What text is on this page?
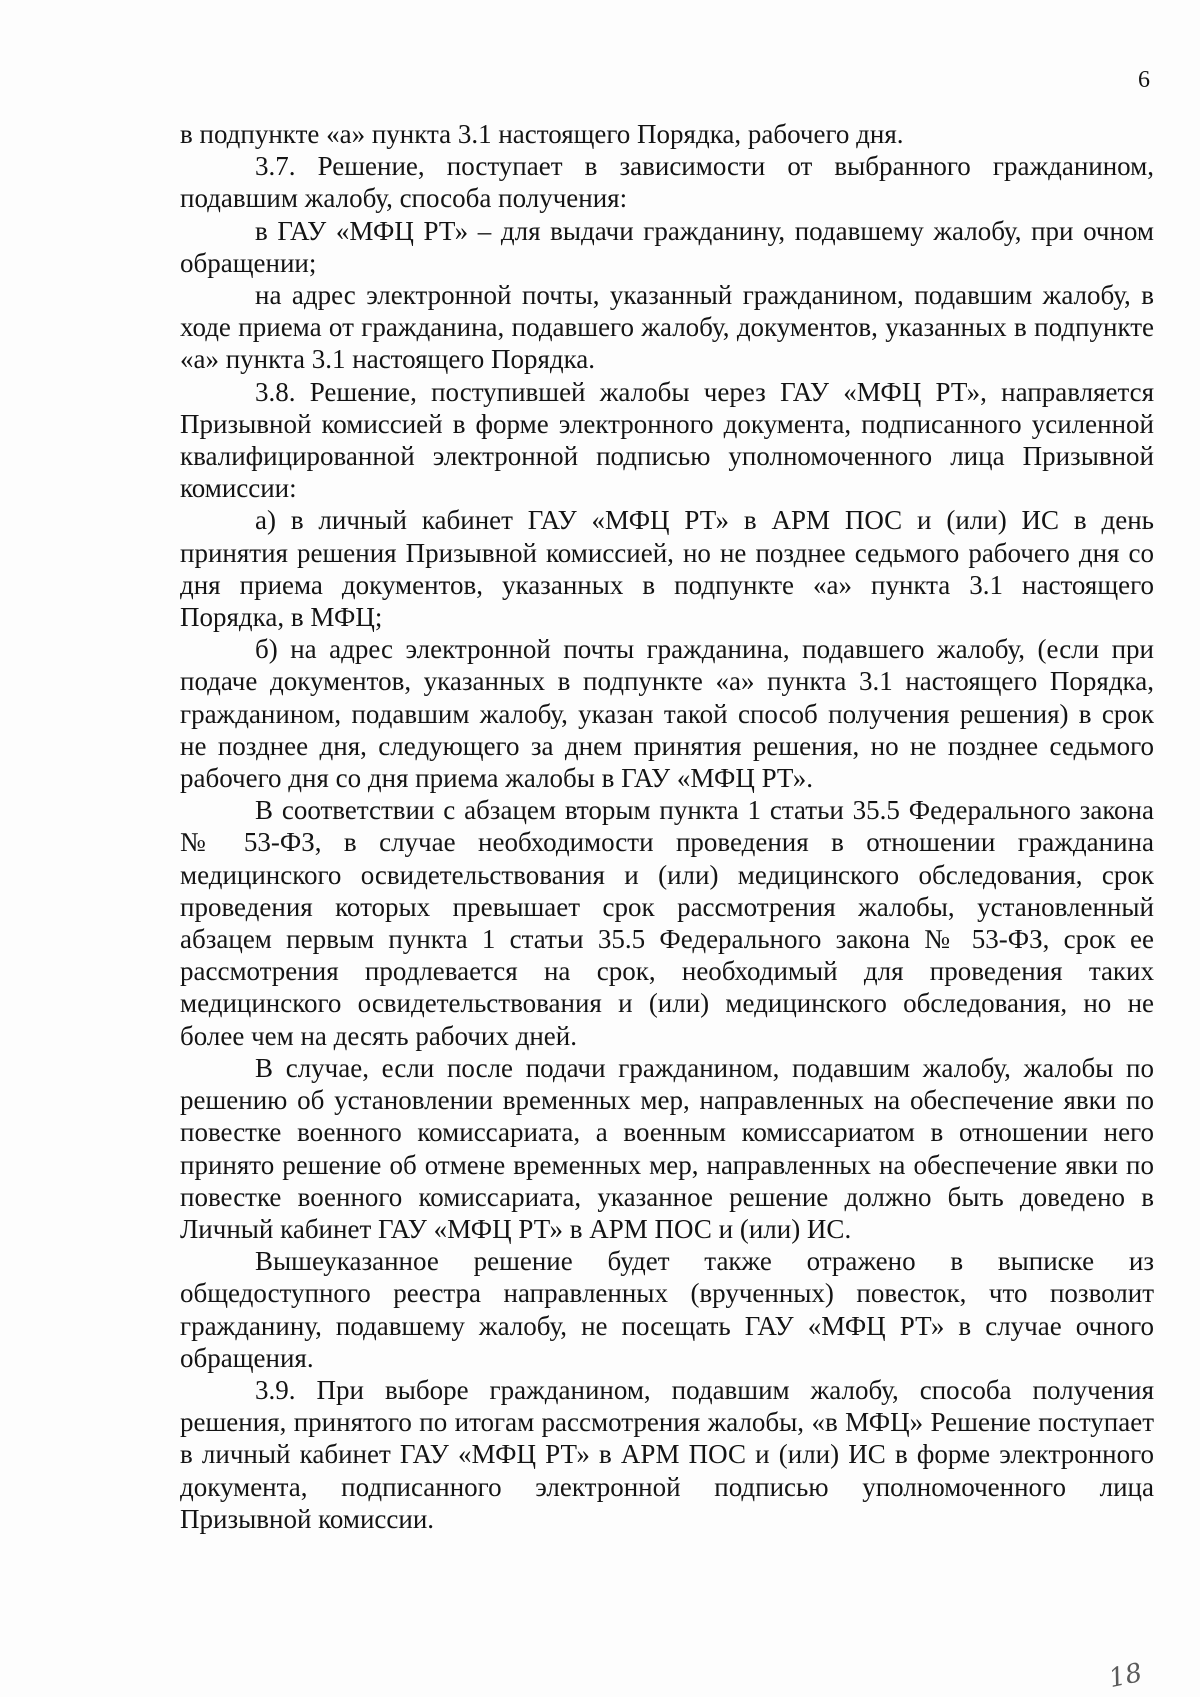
6

в подпункте «а» пункта 3.1 настоящего Порядка, рабочего дня.

3.7. Решение, поступает в зависимости от выбранного гражданином, подавшим жалобу, способа получения:

в ГАУ «МФЦ РТ» – для выдачи гражданину, подавшему жалобу, при очном обращении;

на адрес электронной почты, указанный гражданином, подавшим жалобу, в ходе приема от гражданина, подавшего жалобу, документов, указанных в подпункте «а» пункта 3.1 настоящего Порядка.

3.8. Решение, поступившей жалобы через ГАУ «МФЦ РТ», направляется Призывной комиссией в форме электронного документа, подписанного усиленной квалифицированной электронной подписью уполномоченного лица Призывной комиссии:

а) в личный кабинет ГАУ «МФЦ РТ» в АРМ ПОС и (или) ИС в день принятия решения Призывной комиссией, но не позднее седьмого рабочего дня со дня приема документов, указанных в подпункте «а» пункта 3.1 настоящего Порядка, в МФЦ;

б) на адрес электронной почты гражданина, подавшего жалобу, (если при подаче документов, указанных в подпункте «а» пункта 3.1 настоящего Порядка, гражданином, подавшим жалобу, указан такой способ получения решения) в срок не позднее дня, следующего за днем принятия решения, но не позднее седьмого рабочего дня со дня приема жалобы в ГАУ «МФЦ РТ».

В соответствии с абзацем вторым пункта 1 статьи 35.5 Федерального закона № 53-ФЗ, в случае необходимости проведения в отношении гражданина медицинского освидетельствования и (или) медицинского обследования, срок проведения которых превышает срок рассмотрения жалобы, установленный абзацем первым пункта 1 статьи 35.5 Федерального закона № 53-ФЗ, срок ее рассмотрения продлевается на срок, необходимый для проведения таких медицинского освидетельствования и (или) медицинского обследования, но не более чем на десять рабочих дней.

В случае, если после подачи гражданином, подавшим жалобу, жалобы по решению об установлении временных мер, направленных на обеспечение явки по повестке военного комиссариата, а военным комиссариатом в отношении него принято решение об отмене временных мер, направленных на обеспечение явки по повестке военного комиссариата, указанное решение должно быть доведено в Личный кабинет ГАУ «МФЦ РТ» в АРМ ПОС и (или) ИС.

Вышеуказанное решение будет также отражено в выписке из общедоступного реестра направленных (врученных) повесток, что позволит гражданину, подавшему жалобу, не посещать ГАУ «МФЦ РТ» в случае очного обращения.

3.9. При выборе гражданином, подавшим жалобу, способа получения решения, принятого по итогам рассмотрения жалобы, «в МФЦ» Решение поступает в личный кабинет ГАУ «МФЦ РТ» в АРМ ПОС и (или) ИС в форме электронного документа, подписанного электронной подписью уполномоченного лица Призывной комиссии.

18
